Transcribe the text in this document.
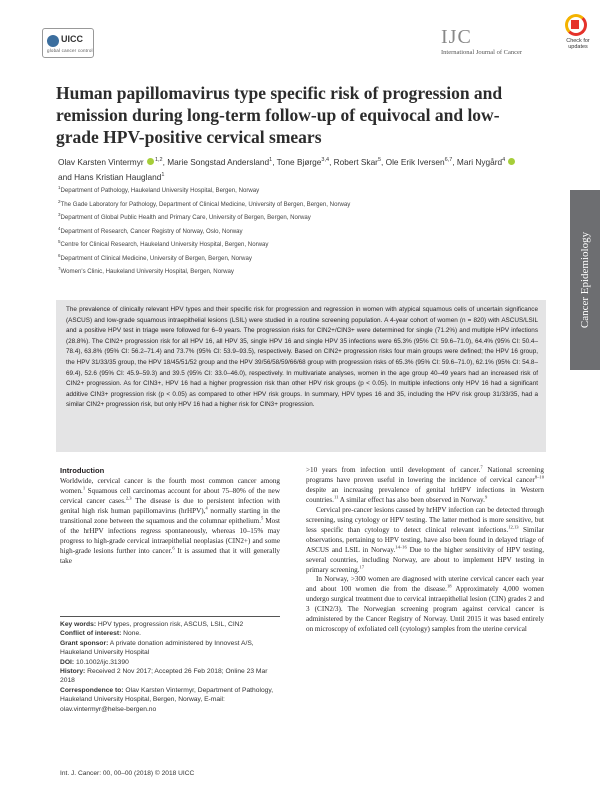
UICC
global cancer control
IJC
International Journal of Cancer
Check for updates
Human papillomavirus type specific risk of progression and remission during long-term follow-up of equivocal and low-grade HPV-positive cervical smears
Olav Karsten Vintermyr $^{1,2}$, Marie Songstad Andersland$^1$, Tone Bjørge$^{3,4}$, Robert Skar$^5$, Ole Erik Iversen$^{6,7}$, Mari Nygård$^4$  and Hans Kristian Haugland$^1$
$^1$Department of Pathology, Haukeland University Hospital, Bergen, Norway
$^2$The Gade Laboratory for Pathology, Department of Clinical Medicine, University of Bergen, Bergen, Norway
$^3$Department of Global Public Health and Primary Care, University of Bergen, Bergen, Norway
$^4$Department of Research, Cancer Registry of Norway, Oslo, Norway
$^5$Centre for Clinical Research, Haukeland University Hospital, Bergen, Norway
$^6$Department of Clinical Medicine, University of Bergen, Bergen, Norway
$^7$Women's Clinic, Haukeland University Hospital, Bergen, Norway	Cancer Epidemiology
The prevalence of clinically relevant HPV types and their specific risk for progression and regression in women with atypical squamous cells of uncertain significance (ASCUS) and low-grade squamous intraepithelial lesions (LSIL) were studied in a routine screening population. A 4-year cohort of women (n = 820) with ASCUS/LSIL and a positive HPV test in triage were followed for 6–9 years. The progression risks for CIN2+/CIN3+ were determined for single (71.2%) and multiple HPV infections (28.8%). The CIN2+ progression risk for all HPV 16, all HPV 35, single HPV 16 and single HPV 35 infections were 65.3% (95% CI: 59.6–71.0), 64.4% (95% CI: 50.4–78.4), 63.8% (95% CI: 56.2–71.4) and 73.7% (95% CI: 53.9–93.5), respectively. Based on CIN2+ progression risks four main groups were defined; the HPV 16 group, the HPV 31/33/35 group, the HPV 18/45/51/52 group and the HPV 39/56/58/59/66/68 group with progression risks of 65.3% (95% CI: 59.6–71.0), 62.1% (95% CI: 54.8–69.4), 52.6 (95% CI: 45.9–59.3) and 39.5 (95% CI: 33.0–46.0), respectively. In multivariate analyses, women in the age group 40–49 years had an increased risk of CIN2+ progression. As for CIN3+, HPV 16 had a higher progression risk than other HPV risk groups (p < 0.05). In multiple infections only HPV 16 had a significant additive CIN3+ progression risk (p < 0.05) as compared to other HPV risk groups. In summary, HPV types 16 and 35, including the HPV risk group 31/33/35, had a similar CIN2+ progression risk, but only HPV 16 had a higher risk for CIN3+ progression.
Introduction

Worldwide, cervical cancer is the fourth most common cancer among women.$^1$ Squamous cell carcinomas account for about 75–80% of the new cervical cancer cases.$^{2,3}$ The disease is due to persistent infection with genital high risk human papillomavirus (hrHPV),$^4$ normally starting in the transitional zone between the squamous and the columnar epithelium.$^5$ Most of the hrHPV infections regress spontaneously, whereas 10–15% may progress to high-grade cervical intraepithelial neoplasias (CIN2+) and some high-grade lesions further into cancer.$^6$ It is assumed that it will generally take

Key words: HPV types, progression risk, ASCUS, LSIL, CIN2
Conflict of interest: None.
Grant sponsor: A private donation administered by Innovest A/S, Haukeland University Hospital
DOI: 10.1002/ijc.31390
History: Received 2 Nov 2017; Accepted 26 Feb 2018; Online 23 Mar 2018
Correspondence to: Olav Karsten Vintermyr, Department of Pathology, Haukeland University Hospital, Bergen, Norway, E-mail: olav.vintermyr@helse-bergen.no

>10 years from infection until development of cancer.$^7$ National screening programs have proven useful in lowering the incidence of cervical cancer$^{8-10}$ despite an increasing prevalence of genital hrHPV infections in Western countries.$^{11}$ A similar effect has also been observed in Norway.$^9$

Cervical pre-cancer lesions caused by hrHPV infection can be detected through screening, using cytology or HPV testing. The latter method is more sensitive, but less specific than cytology to detect clinical relevant infections.$^{12,13}$ Similar observations, pertaining to HPV testing, have also been found in delayed triage of ASCUS and LSIL in Norway.$^{14-16}$ Due to the higher sensitivity of HPV testing, several countries, including Norway, are about to implement HPV testing in primary screening.$^{17}$

In Norway, >300 women are diagnosed with uterine cervical cancer each year and about 100 women die from the disease.$^{18}$ Approximately 4,000 women undergo surgical treatment due to cervical intraepithelial lesion (CIN) grades 2 and 3 (CIN2/3). The Norwegian screening program against cervical cancer is administered by the Cancer Registry of Norway. Until 2015 it was based entirely on microscopy of exfoliated cell (cytology) samples from the uterine cervical

Int. J. Cancer: 00, 00–00 (2018) © 2018 UICC
